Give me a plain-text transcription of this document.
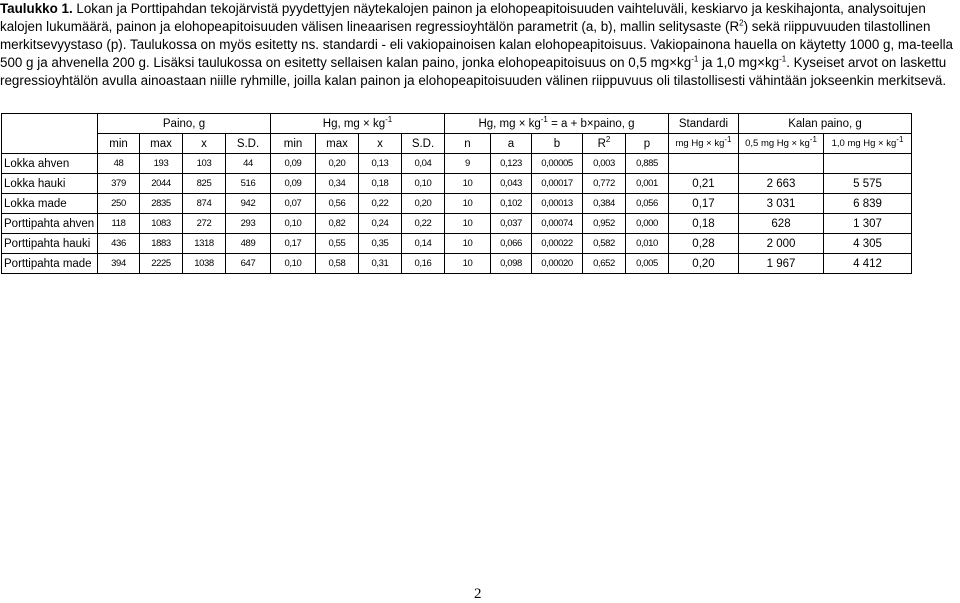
Taulukko 1. Lokan ja Porttipahdan tekojärvistä pyydettyjen näytekalojen painon ja elohopeapitoisuuden vaihteluväli, keskiarvo ja keskihajonta, analysoitujen kalojen lukumäärä, painon ja elohopeapitoisuuden välisen lineaarisen regressioyhtälön parametrit (a, b), mallin selitysaste $(R^2)$ sekä riippuvuuden tilastollinen merkitsevyystaso (p). Taulukossa on myös esitetty ns. standardi - eli vakiopainoisen kalan elohopeapitoisuus. Vakiopainona hauella on käytetty 1000 g, ma-teella 500 g ja ahvenella 200 g. Lisäksi taulukossa on esitetty sellaisen kalan paino, jonka elohopeapitoisuus on 0,5 $mg\times kg^{-1}$ ja 1,0 $mg\times kg^{-1}$. Kyseiset arvot on laskettu regressioyhtälön avulla ainoastaan niille ryhmille, joilla kalan painon ja elohopeapitoisuuden välinen riippuvuus oli tilastollisesti vähintään jokseenkin merkitsevä.
	Paino, g				Hg, mg × $kg^{-1}$				Hg, mg × $kg^{-1} = a$ + b×paino, g					Standardi	Kalan paino, g	
	min	max	x	S.D.	min	max	x	S.D.	n	a	b	$R^2$	p	mg $Hg \times kg^{-1}$	0,5 mg $Hg \times kg^{-1}$	1,0 mg $Hg \times kg^{-1}$
Lokka ahven	48	193	103	44	0,09	0,20	0,13	0,04	9	0,123	0,00005	0,003	0,885			
Lokka hauki	379	2044	825	516	0,09	0,34	0,18	0,10	10	0,043	0,00017	0,772	0,001	0,21	2 663	5 575
Lokka made	250	2835	874	942	0,07	0,56	0,22	0,20	10	0,102	0,00013	0,384	0,056	0,17	3 031	6 839
Porttipahta ahven	118	1083	272	293	0,10	0,82	0,24	0,22	10	0,037	0,00074	0,952	0,000	0,18	628	1 307
Porttipahta hauki	436	1883	1318	489	0,17	0,55	0,35	0,14	10	0,066	0,00022	0,582	0,010	0,28	2 000	4 305
Porttipahta made	394	2225	1038	647	0,10	0,58	0,31	0,16	10	0,098	0,00020	0,652	0,005	0,20	1 967	4 412
2
